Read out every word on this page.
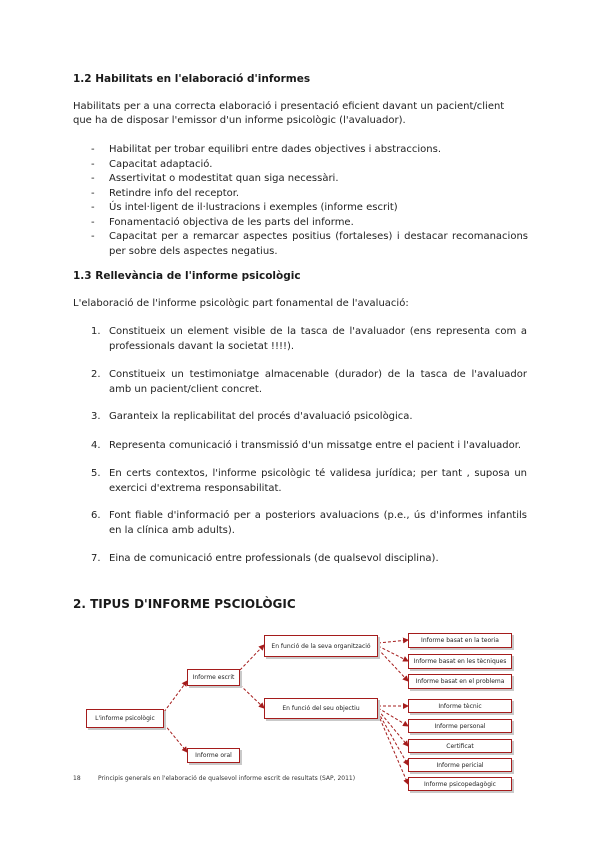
1.2 Habilitats en l'elaboració d'informes
Habilitats per a una correcta elaboració i presentació eficient davant un pacient/client
que ha de disposar l'emissor d'un informe psicològic (l'avaluador).
- Habilitat per trobar equilibri entre dades objectives i abstraccions.
- Capacitat adaptació.
- Assertivitat o modestitat quan siga necessàri.
- Retindre info del receptor.
- Ús intel·ligent de il·lustracions i exemples (informe escrit)
- Fonamentació objectiva de les parts del informe.
- Capacitat per a remarcar aspectes positius (fortaleses) i destacar recomanacions
per sobre dels aspectes negatius.
1.3 Rellevància de l'informe psicològic
L'elaboració de l'informe psicològic part fonamental de l'avaluació:
1. Constitueix un element visible de la tasca de l'avaluador (ens representa com a professionals davant la societat !!!!).
2. Constitueix un testimoniatge almacenable (durador) de la tasca de l'avaluador amb un pacient/client concret.
3. Garanteix la replicabilitat del procés d'avaluació psicològica.
4. Representa comunicació i transmissió d'un missatge entre el pacient i l'avaluador.
5. En certs contextos, l'informe psicològic té validesa jurídica; per tant , suposa un exercici d'extrema responsabilitat.
6. Font fiable d'informació per a posteriors avaluacions (p.e., ús d'informes infantils en la clínica amb adults).
7. Eina de comunicació entre professionals (de qualsevol disciplina).
2. TIPUS D'INFORME PSCIOLÒGIC
L'informe psicològic
Informe escrit
Informe oral
En funció de la seva organització
En funció del seu objectiu
Informe basat en la teoria
Informe basat en les tècniques
Informe basat en el problema
Informe tècnic
Informe personal
Certificat
Informe pericial
Informe psicopedagògic
18	Principis generals en l'elaboració de qualsevol informe escrit de resultats (SAP, 2011)
